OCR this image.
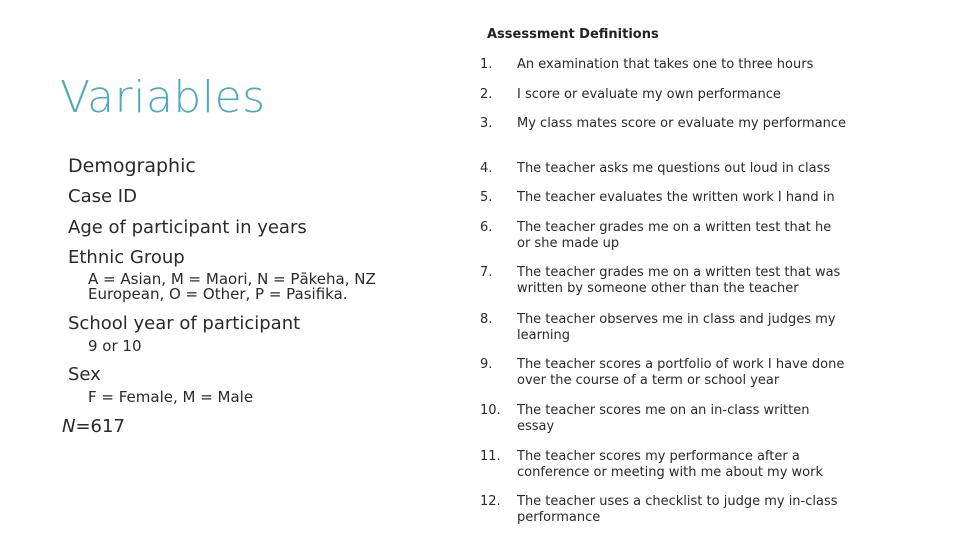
Variables
Demographic
Case ID
Age of participant in years
Ethnic Group
A = Asian, M = Maori, N = Pākeha, NZ European, O = Other, P = Pasifika.
School year of participant
9 or 10
Sex
F = Female, M = Male
N=617
Assessment Definitions
1. An examination that takes one to three hours
2. I score or evaluate my own performance
3. My class mates score or evaluate my performance
4. The teacher asks me questions out loud in class
5. The teacher evaluates the written work I hand in
6. The teacher grades me on a written test that he or she made up
7. The teacher grades me on a written test that was written by someone other than the teacher
8. The teacher observes me in class and judges my learning
9. The teacher scores a portfolio of work I have done over the course of a term or school year
10. The teacher scores me on an in-class written essay
11. The teacher scores my performance after a conference or meeting with me about my work
12. The teacher uses a checklist to judge my in-class performance
